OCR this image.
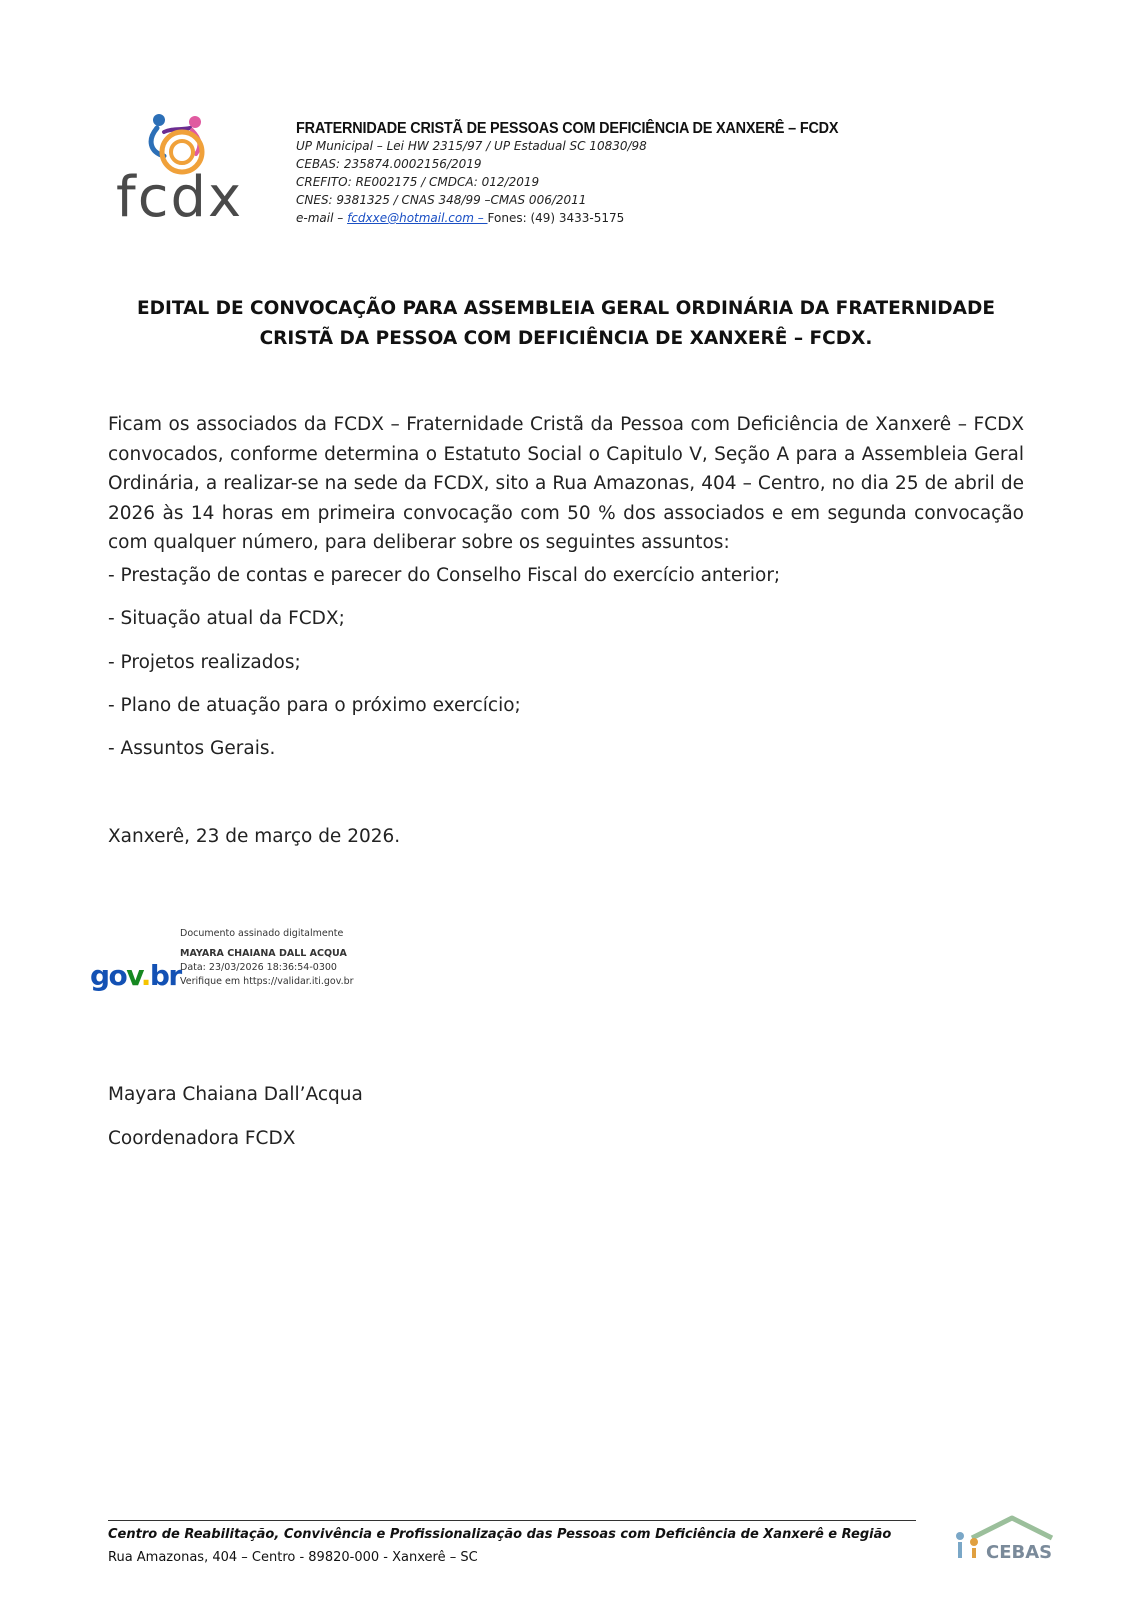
fcdx
FRATERNIDADE CRISTÃ DE PESSOAS COM DEFICIÊNCIA DE XANXERÊ – FCDX
UP Municipal – Lei HW 2315/97 / UP Estadual SC 10830/98
CEBAS: 235874.0002156/2019
CREFITO: RE002175 / CMDCA: 012/2019
CNES: 9381325 / CNAS 348/99 –CMAS 006/2011
e-mail – fcdxxe@hotmail.com – Fones: (49) 3433-5175
EDITAL DE CONVOCAÇÃO PARA ASSEMBLEIA GERAL ORDINÁRIA DA FRATERNIDADE
CRISTÃ DA PESSOA COM DEFICIÊNCIA DE XANXERÊ – FCDX.
Ficam os associados da FCDX – Fraternidade Cristã da Pessoa com Deficiência de Xanxerê – FCDX convocados, conforme determina o Estatuto Social o Capitulo V, Seção A para a Assembleia Geral Ordinária, a realizar-se na sede da FCDX, sito a Rua Amazonas, 404 – Centro, no dia 25 de abril de 2026 às 14 horas em primeira convocação com 50 % dos associados e em segunda convocação com qualquer número, para deliberar sobre os seguintes assuntos:
- Prestação de contas e parecer do Conselho Fiscal do exercício anterior;
- Situação atual da FCDX;
- Projetos realizados;
- Plano de atuação para o próximo exercício;
- Assuntos Gerais.
Xanxerê, 23 de março de 2026.
gov.br
gov.br
Documento assinado digitalmente
MAYARA CHAIANA DALL ACQUA
Data: 23/03/2026 18:36:54-0300
Verifique em https://validar.iti.gov.br
Mayara Chaiana Dall’Acqua
Coordenadora FCDX
Centro de Reabilitação, Convivência e Profissionalização das Pessoas com Deficiência de Xanxerê e Região
Rua Amazonas, 404 – Centro - 89820-000 - Xanxerê – SC	CEBAS
